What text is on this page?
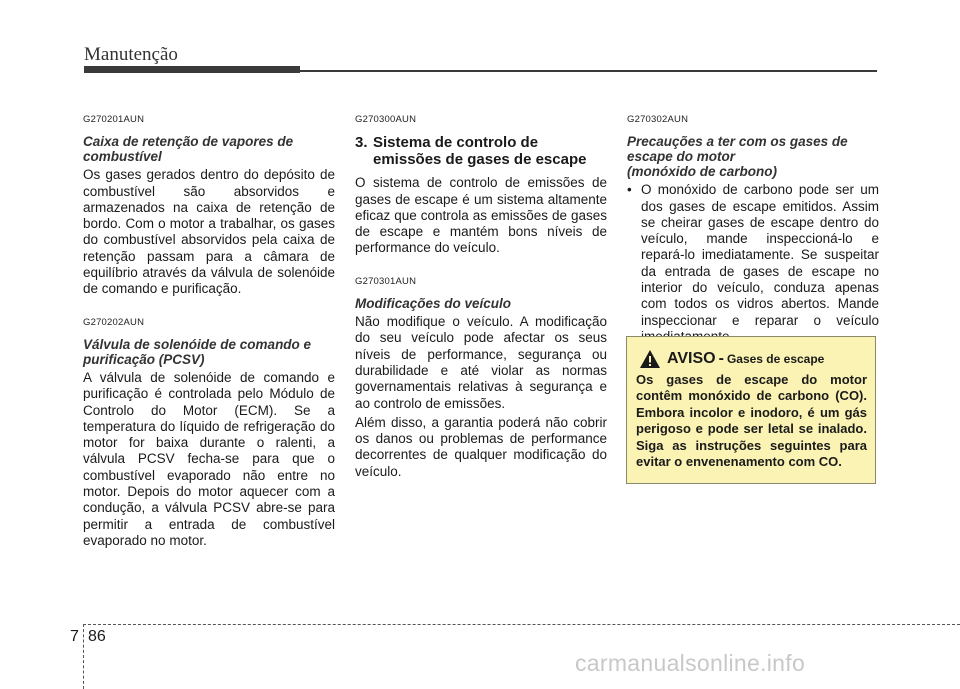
Manutenção
G270201AUN
Caixa de retenção de vapores de
combustível
Os gases gerados dentro do depósito de combustível são absorvidos e armazenados na caixa de retenção de bordo. Com o motor a trabalhar, os gases do combustível absorvidos pela caixa de retenção passam para a câmara de equilíbrio através da válvula de solenóide de comando e purificação.
G270202AUN
Válvula de solenóide de comando e
purificação (PCSV)
A válvula de solenóide de comando e purificação é controlada pelo Módulo de Controlo do Motor (ECM). Se a temperatura do líquido de refrigeração do motor for baixa durante o ralenti, a válvula PCSV fecha-se para que o combustível evaporado não entre no motor. Depois do motor aquecer com a condução, a válvula PCSV abre-se para permitir a entrada de combustível evaporado no motor.
G270300AUN
3. Sistema de controlo de
emissões de gases de escape
O sistema de controlo de emissões de gases de escape é um sistema altamente eficaz que controla as emissões de gases de escape e mantém bons níveis de performance do veículo.
G270301AUN
Modificações do veículo
Não modifique o veículo. A modificação do seu veículo pode afectar os seus níveis de performance, segurança ou durabilidade e até violar as normas governamentais relativas à segurança e ao controlo de emissões.
Além disso, a garantia poderá não cobrir os danos ou problemas de performance decorrentes de qualquer modificação do veículo.
G270302AUN
Precauções a ter com os gases de
escape do motor
(monóxido de carbono)
• O monóxido de carbono pode ser um dos gases de escape emitidos. Assim se cheirar gases de escape dentro do veículo, mande inspeccioná-lo e repará-lo imediatamente. Se suspeitar da entrada de gases de escape no interior do veículo, conduza apenas com todos os vidros abertos. Mande inspeccionar e reparar o veículo
AVISO - Gases de escape
Os gases de escape do motor contêm monóxido de carbono (CO). Embora incolor e inodoro, é um gás perigoso e pode ser letal se inalado. Siga as instruções seguintes para evitar o envenenamento com CO.
7 86
carmanualsonline.info
